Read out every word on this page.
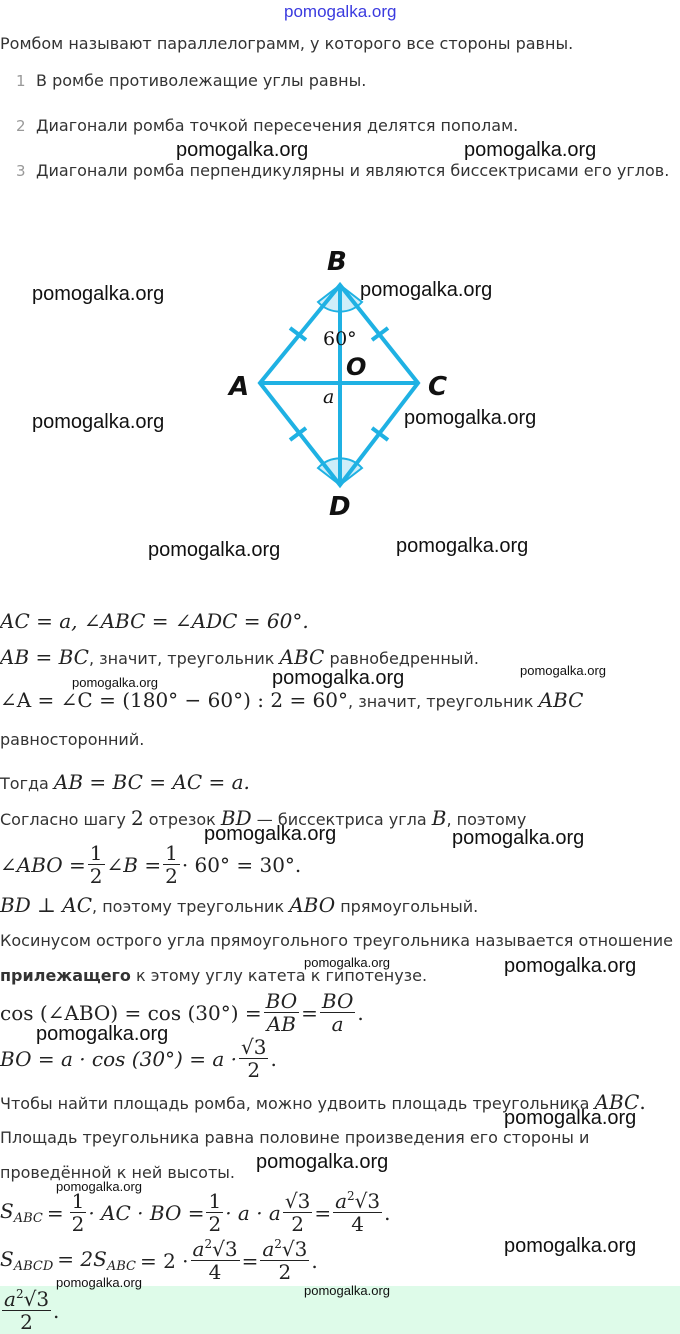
pomogalka.org
Ромбом называют параллелограмм, у которого все стороны равны.
1 В ромбе противолежащие углы равны.
2 Диагонали ромба точкой пересечения делятся пополам.
3 Диагонали ромба перпендикулярны и являются биссектрисами его углов.
B
A	C
D
O
60°
a
AC = a, ∠ABC = ∠ADC = 60°.
AB = BC, значит, треугольник ABC равнобедренный.
∠A = ∠C = (180° − 60°) : 2 = 60°, значит, треугольник ABC
равносторонний.
Тогда AB = BC = AC = a.
Согласно шагу 2 отрезок BD — биссектриса угла B, поэтому
∠ABO = $\frac{1}{2}$ ∠B = $\frac{1}{2} \cdot 60^\circ = 30^\circ$.
BD ⊥ AC, поэтому треугольник ABO прямоугольный.
Косинусом острого угла прямоугольного треугольника называется отношение
прилежащего к этому углу катета к гипотенузе.
cos (∠ABO) = $\cos (30^\circ) = \frac{BO}{AB} = \frac{BO}{a}$ .
BO = $a \cdot \cos (30^\circ) = a \cdot \frac{√3}{2}$ .
Чтобы найти площадь ромба, можно удвоить площадь треугольника ABC.
Площадь треугольника равна половине произведения его стороны и
проведённой к ней высоты.
$S_{ABC} = \frac{1}{2}$ · AC · BO = $\frac{1}{2} \cdot a \cdot a \frac{√3}{2} = \frac{a^2√3}{4}$ .
$S_{ABCD} = 2S_{ABC} = 2 \cdot \frac{a^2√3}{4} = \frac{a^2√3}{2}$ .
$\frac{a^2√3}{2}$ .
pomogalka.org	pomogalka.org
pomogalka.org	pomogalka.org
pomogalka.org	pomogalka.org
pomogalka.org	pomogalka.org
pomogalka.org
pomogalka.org	pomogalka.org
pomogalka.org	pomogalka.org
pomogalka.org
pomogalka.org
pomogalka.org
pomogalka.org
pomogalka.org
pomogalka.org
pomogalka.org
pomogalka.org
pomogalka.org
